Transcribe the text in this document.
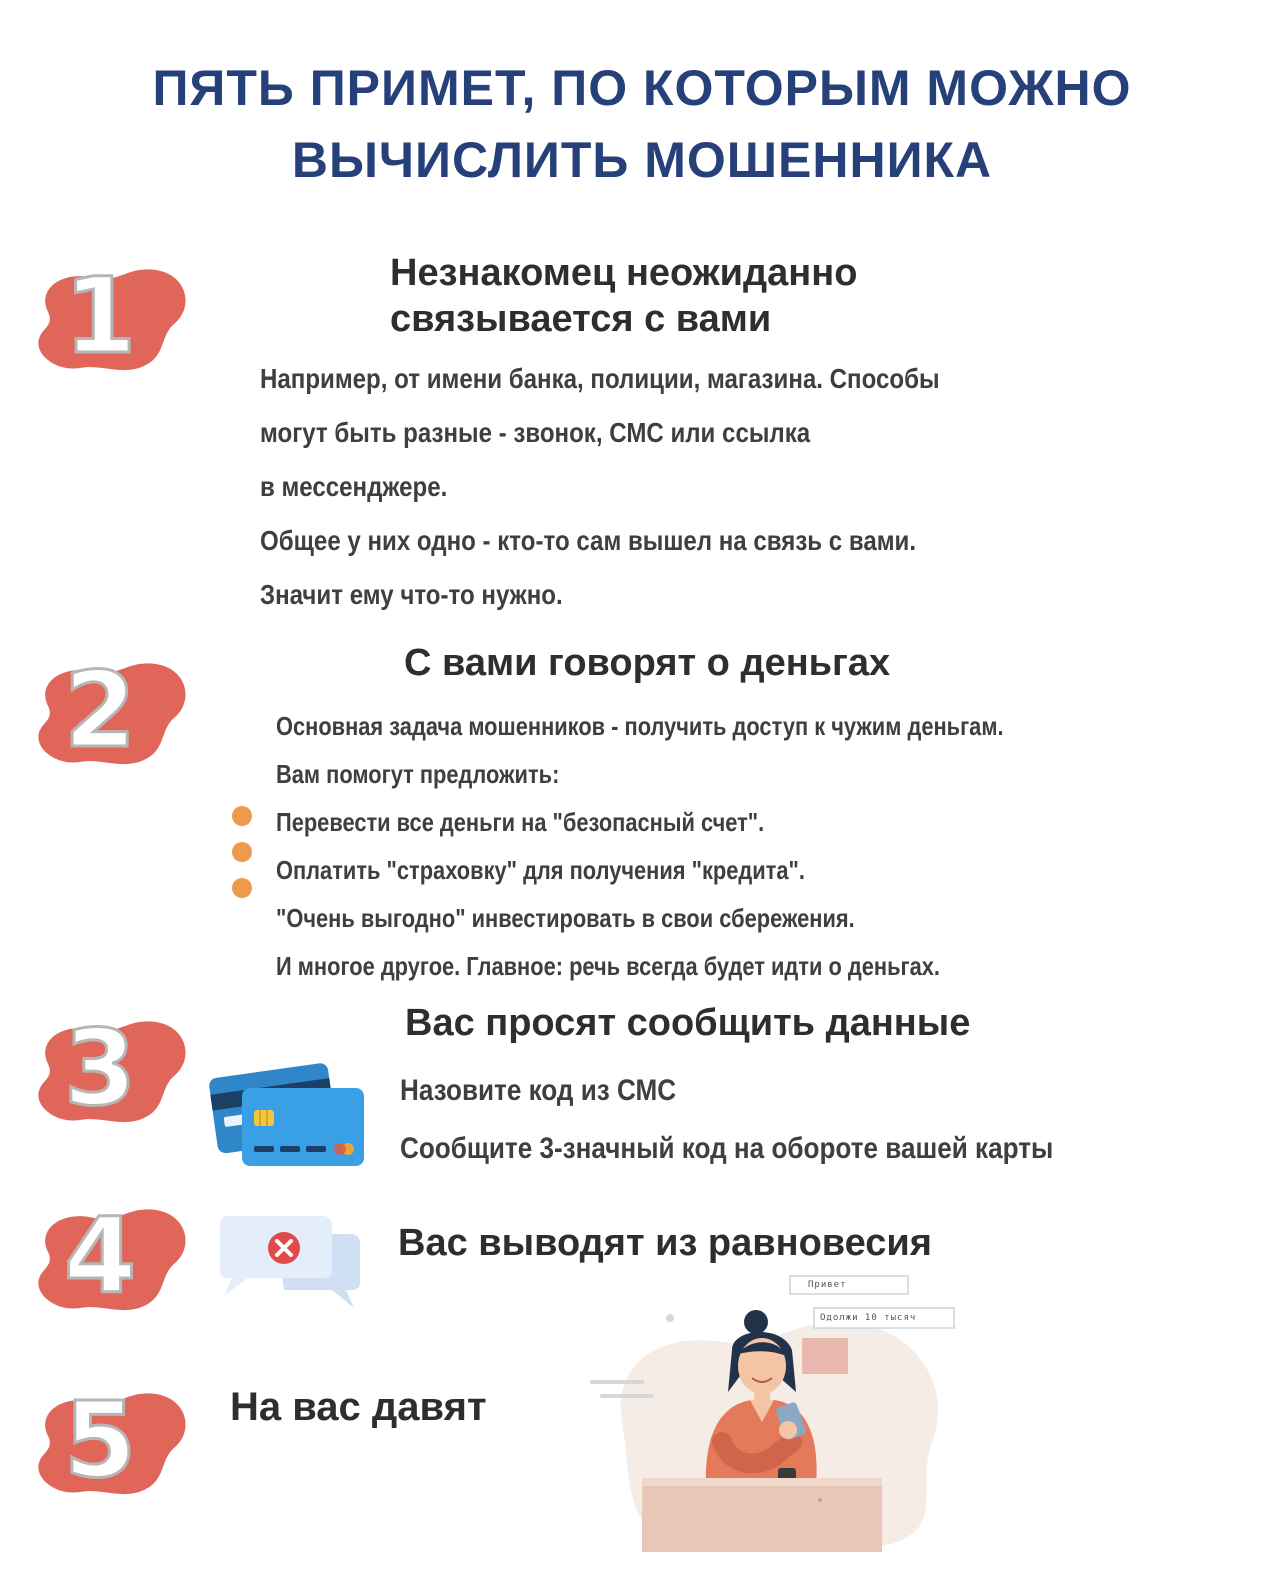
ПЯТЬ ПРИМЕТ, ПО КОТОРЫМ МОЖНО
ВЫЧИСЛИТЬ МОШЕННИКА
1	Незнакомец неожиданно
связывается с вами
Например, от имени банка, полиции, магазина. Способы
могут быть разные - звонок, СМС или ссылка
в мессенджере.
Общее у них одно - кто-то сам вышел на связь с вами.
Значит ему что-то нужно.
2	С вами говорят о деньгах
Основная задача мошенников - получить доступ к чужим деньгам.
Вам помогут предложить:
Перевести все деньги на "безопасный счет".
Оплатить "страховку" для получения "кредита".
"Очень выгодно" инвестировать в свои сбережения.
И многое другое. Главное: речь всегда будет идти о деньгах.
3	Вас просят сообщить данные
Назовите код из СМС
Сообщите 3-значный код на обороте вашей карты
4	Вас выводят из равновесия
5 На вас давят
Привет
Одолжи 10 тысяч
